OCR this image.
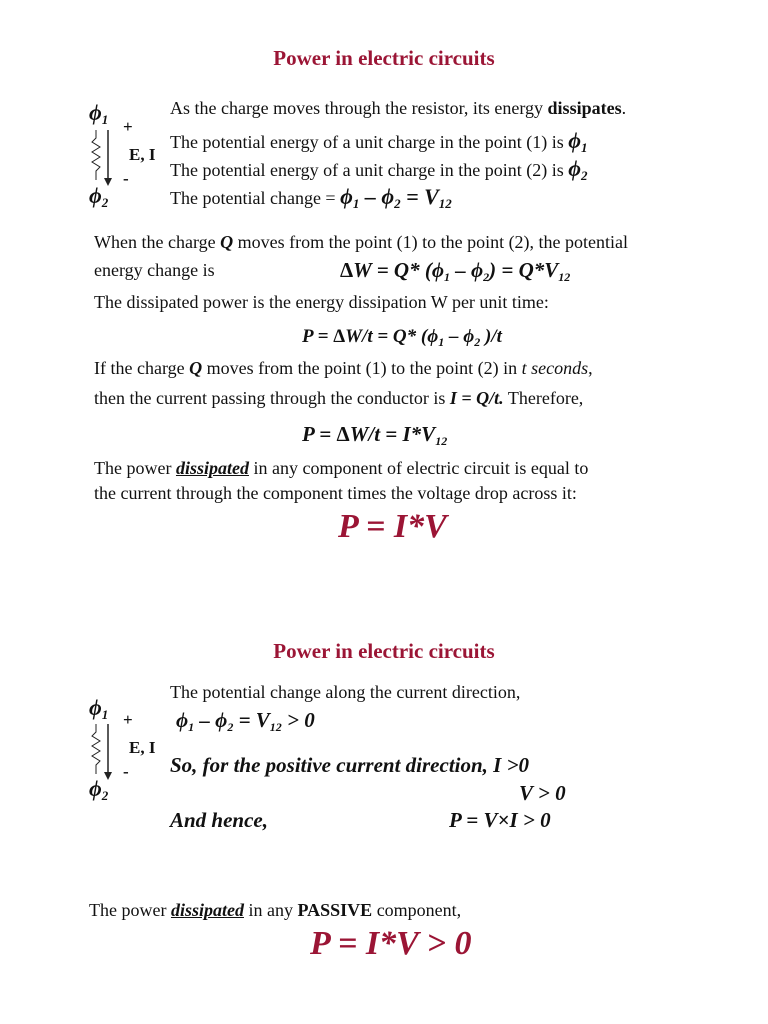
Power in electric circuits
$\phi_1$ +
E, I
-
$\phi_2$
As the charge moves through the resistor, its energy dissipates.
The potential energy of a unit charge in the point (1) is $\phi_1$
The potential energy of a unit charge in the point (2) is $\phi_2$
The potential change = $\phi_1 - \phi_2 = V_{12}$
When the charge Q moves from the point (1) to the point (2), the potential
energy change is	ΔW = Q* $(\phi_1 - \phi_2) = Q*V_{12}$
The dissipated power is the energy dissipation W per unit time:
P = ΔW/t = Q* ($\phi_1 - \phi_2$ )/t
If the charge Q moves from the point (1) to the point (2) in t seconds,
then the current passing through the conductor is I = Q/t. Therefore,
$P = \Delta W/t = I*V_{12}$
The power dissipated in any component of electric circuit is equal to
the current through the component times the voltage drop across it:
P = I*V
Power in electric circuits
$\phi_1$ +
E, I
-
$\phi_2$
The potential change along the current direction,
$\phi_1 - \phi_2 = V_{12} > 0$
So, for the positive current direction, I >0
V > 0
And hence,	P = V×I > 0
The power dissipated in any PASSIVE component,
P = I*V > 0
